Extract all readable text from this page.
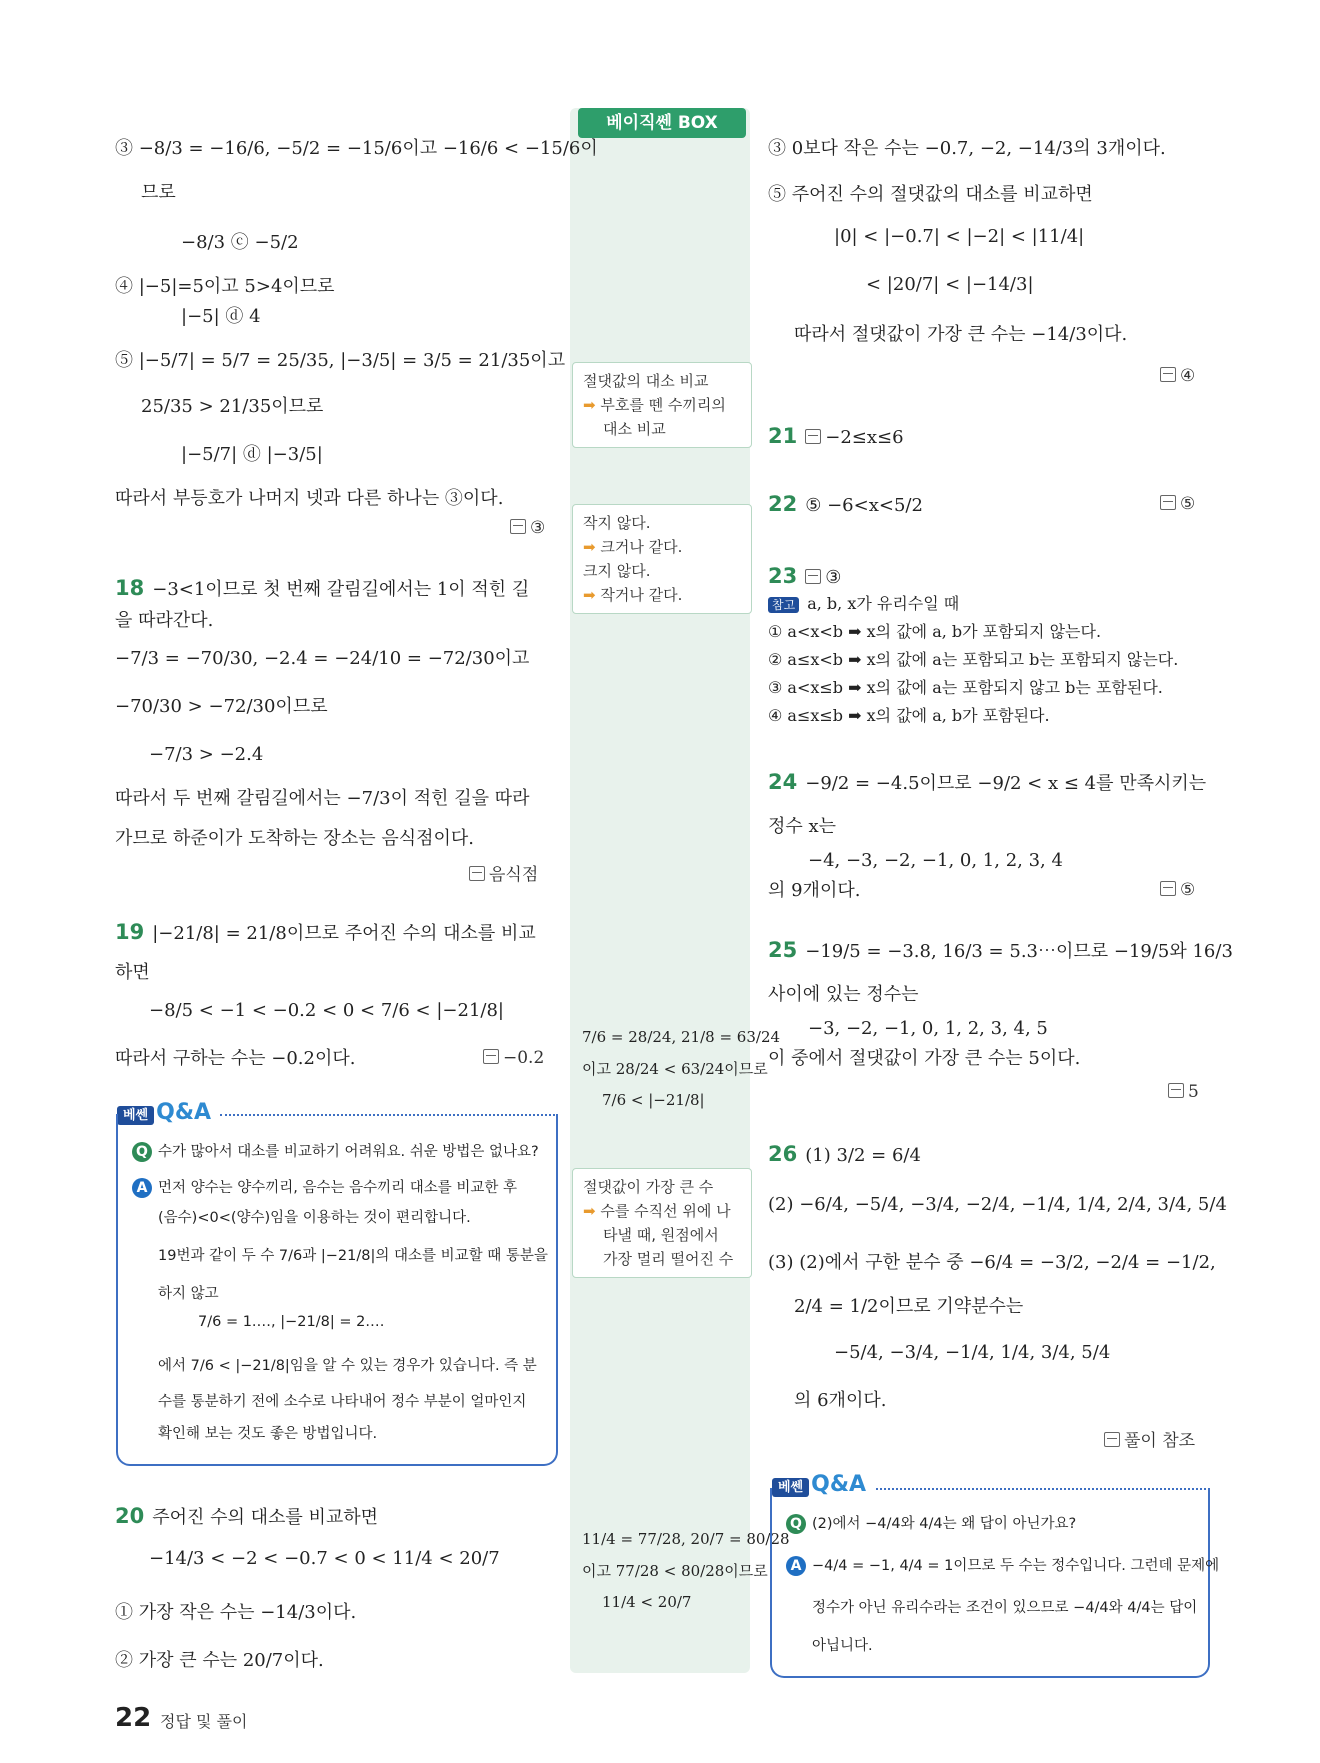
베이직쎈 BOX
절댓값의 대소 비교
➡ 부호를 뗀 수끼리의
대소 비교
작지 않다.
➡ 크거나 같다.
크지 않다.
➡ 작거나 같다.
7/6 = 28/24, 21/8 = 63/24
이고 28/24 < 63/24이므로
7/6 < |−21/8|
절댓값이 가장 큰 수
➡ 수를 수직선 위에 나
타낼 때, 원점에서
가장 멀리 떨어진 수
11/4 = 77/28, 20/7 = 80/28
이고 77/28 < 80/28이므로
11/4 < 20/7
③ −8/3 = −16/6, −5/2 = −15/6이고 −16/6 < −15/6이
므로
−8/3 ⓒ −5/2
④ |−5|=5이고 5>4이므로
|−5| ⓓ 4
⑤ |−5/7| = 5/7 = 25/35, |−3/5| = 3/5 = 21/35이고
25/35 > 21/35이므로
|−5/7| ⓓ |−3/5|
따라서 부등호가 나머지 넷과 다른 하나는 ③이다.
③
18 −3<1이므로 첫 번째 갈림길에서는 1이 적힌 길
을 따라간다.
−7/3 = −70/30, −2.4 = −24/10 = −72/30이고
−70/30 > −72/30이므로
−7/3 > −2.4
따라서 두 번째 갈림길에서는 −7/3이 적힌 길을 따라
가므로 하준이가 도착하는 장소는 음식점이다.
음식점
19 |−21/8| = 21/8이므로 주어진 수의 대소를 비교
하면
−8/5 < −1 < −0.2 < 0 < 7/6 < |−21/8|
따라서 구하는 수는 −0.2이다.	−0.2
20 주어진 수의 대소를 비교하면
−14/3 < −2 < −0.7 < 0 < 11/4 < 20/7
① 가장 작은 수는 −14/3이다.
② 가장 큰 수는 20/7이다.
베쎈 Q&A
Q 수가 많아서 대소를 비교하기 어려워요. 쉬운 방법은 없나요?
A 먼저 양수는 양수끼리, 음수는 음수끼리 대소를 비교한 후
(음수)<0<(양수)임을 이용하는 것이 편리합니다.
19번과 같이 두 수 7/6과 |−21/8|의 대소를 비교할 때 통분을
하지 않고
7/6 = 1.…, |−21/8| = 2.…
에서 7/6 < |−21/8|임을 알 수 있는 경우가 있습니다. 즉 분
수를 통분하기 전에 소수로 나타내어 정수 부분이 얼마인지
확인해 보는 것도 좋은 방법입니다.
③ 0보다 작은 수는 −0.7, −2, −14/3의 3개이다.
⑤ 주어진 수의 절댓값의 대소를 비교하면
|0| < |−0.7| < |−2| < |11/4|
< |20/7| < |−14/3|
따라서 절댓값이 가장 큰 수는 −14/3이다.
④
21 −2≤x≤6
22 ⑤ −6<x<5/2	⑤
23 ③
참고 a, b, x가 유리수일 때
① a<x<b ➡ x의 값에 a, b가 포함되지 않는다.
② a≤x<b ➡ x의 값에 a는 포함되고 b는 포함되지 않는다.
③ a<x≤b ➡ x의 값에 a는 포함되지 않고 b는 포함된다.
④ a≤x≤b ➡ x의 값에 a, b가 포함된다.
24 −9/2 = −4.5이므로 −9/2 < x ≤ 4를 만족시키는
정수 x는
−4, −3, −2, −1, 0, 1, 2, 3, 4
의 9개이다.	⑤
25 −19/5 = −3.8, 16/3 = 5.3⋯이므로 −19/5와 16/3
사이에 있는 정수는
−3, −2, −1, 0, 1, 2, 3, 4, 5
이 중에서 절댓값이 가장 큰 수는 5이다.
5
26 (1) 3/2 = 6/4
(2) −6/4, −5/4, −3/4, −2/4, −1/4, 1/4, 2/4, 3/4, 5/4
(3) (2)에서 구한 분수 중 −6/4 = −3/2, −2/4 = −1/2,
2/4 = 1/2이므로 기약분수는
−5/4, −3/4, −1/4, 1/4, 3/4, 5/4
의 6개이다.
풀이 참조
베쎈 Q&A
Q (2)에서 −4/4와 4/4는 왜 답이 아닌가요?
A −4/4 = −1, 4/4 = 1이므로 두 수는 정수입니다. 그런데 문제에
정수가 아닌 유리수라는 조건이 있으므로 −4/4와 4/4는 답이
아닙니다.
22 정답 및 풀이
